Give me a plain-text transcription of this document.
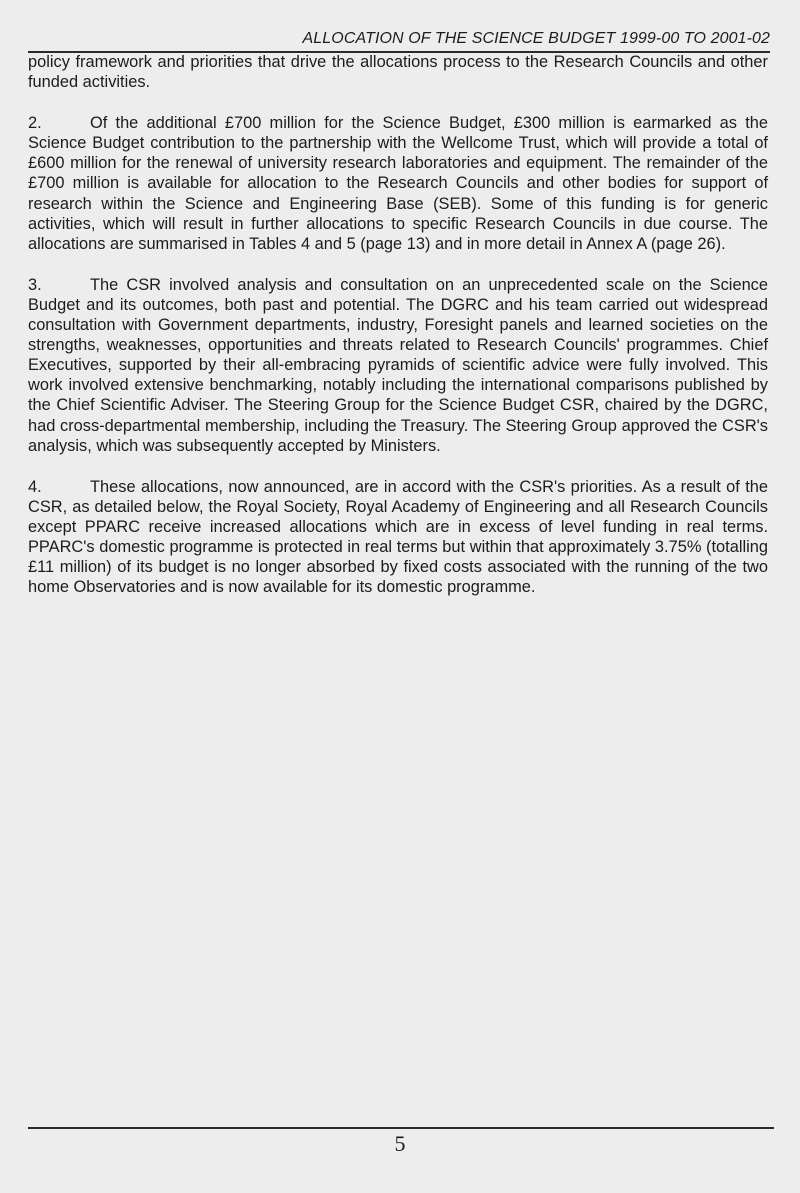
ALLOCATION OF THE SCIENCE BUDGET 1999-00 TO 2001-02

policy framework and priorities that drive the allocations process to the Research Councils and other funded activities.

2.	Of the additional £700 million for the Science Budget, £300 million is earmarked as the Science Budget contribution to the partnership with the Wellcome Trust, which will provide a total of £600 million for the renewal of university research laboratories and equipment. The remainder of the £700 million is available for allocation to the Research Councils and other bodies for support of research within the Science and Engineering Base (SEB). Some of this funding is for generic activities, which will result in further allocations to specific Research Councils in due course. The allocations are summarised in Tables 4 and 5 (page 13) and in more detail in Annex A (page 26).

3.	The CSR involved analysis and consultation on an unprecedented scale on the Science Budget and its outcomes, both past and potential. The DGRC and his team carried out widespread consultation with Government departments, industry, Foresight panels and learned societies on the strengths, weaknesses, opportunities and threats related to Research Councils' programmes. Chief Executives, supported by their all-embracing pyramids of scientific advice were fully involved. This work involved extensive benchmarking, notably including the international comparisons published by the Chief Scientific Adviser. The Steering Group for the Science Budget CSR, chaired by the DGRC, had cross-departmental membership, including the Treasury. The Steering Group approved the CSR's analysis, which was subsequently accepted by Ministers.

4.	These allocations, now announced, are in accord with the CSR's priorities. As a result of the CSR, as detailed below, the Royal Society, Royal Academy of Engineering and all Research Councils except PPARC receive increased allocations which are in excess of level funding in real terms. PPARC's domestic programme is protected in real terms but within that approximately 3.75% (totalling £11 million) of its budget is no longer absorbed by fixed costs associated with the running of the two home Observatories and is now available for its domestic programme.

5
